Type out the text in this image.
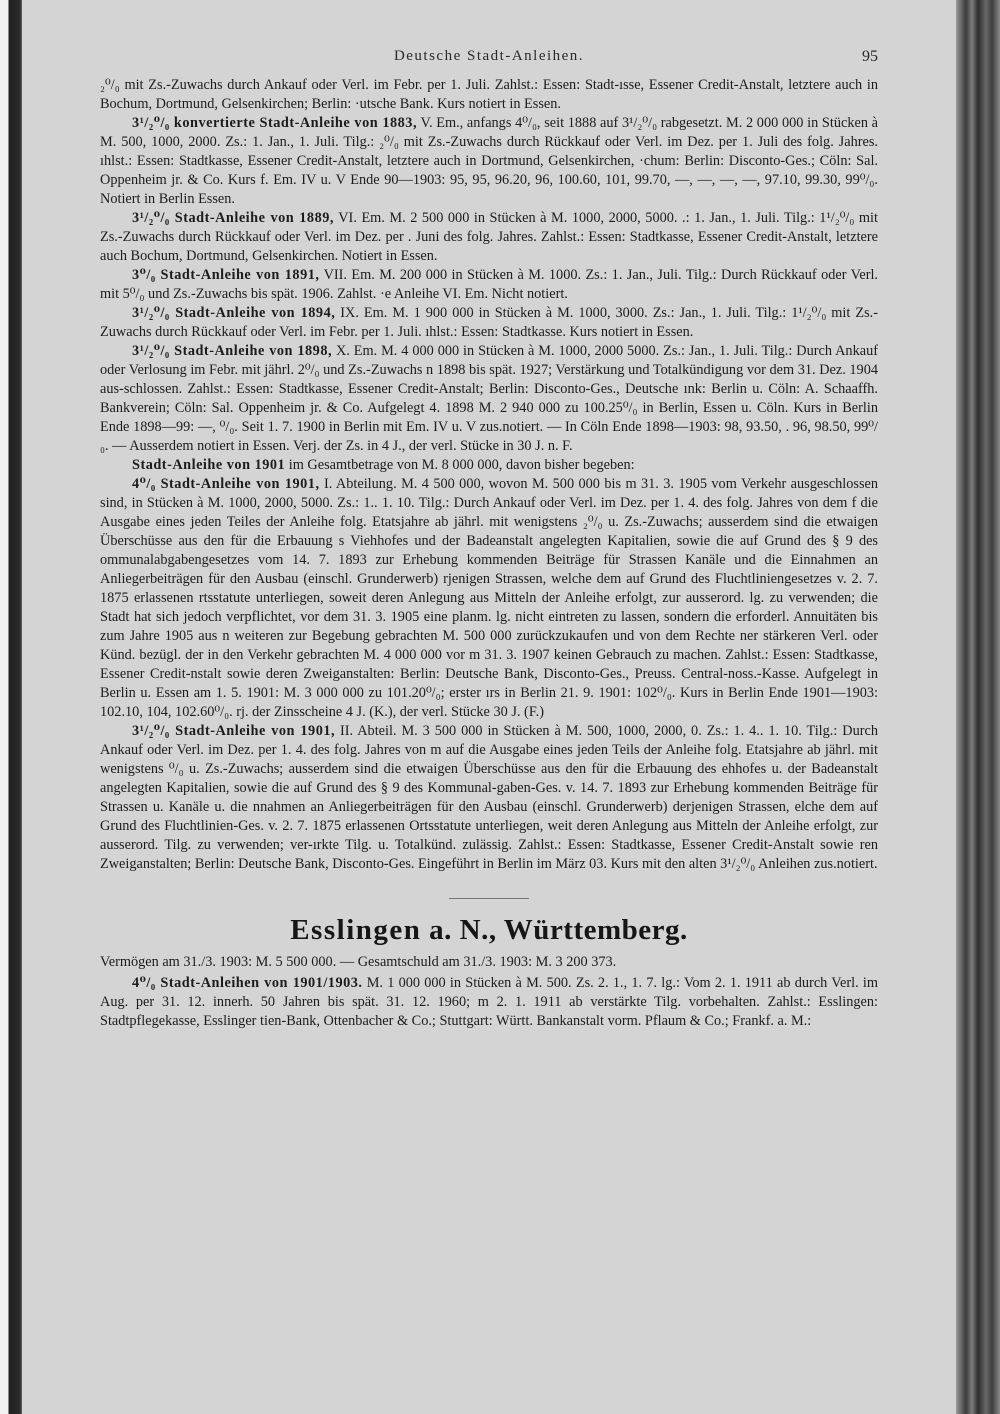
Deutsche Stadt-Anleihen.	95

₂⁰/₀ mit Zs.-Zuwachs durch Ankauf oder Verl. im Febr. per 1. Juli. Zahlst.: Essen: Stadt-ısse, Essener Credit-Anstalt, letztere auch in Bochum, Dortmund, Gelsenkirchen; Berlin: ·utsche Bank. Kurs notiert in Essen.

3¹/₂⁰/₀ konvertierte Stadt-Anleihe von 1883, V. Em., anfangs 4⁰/₀, seit 1888 auf 3¹/₂⁰/₀ rabgesetzt. M. 2 000 000 in Stücken à M. 500, 1000, 2000. Zs.: 1. Jan., 1. Juli. Tilg.: ₂⁰/₀ mit Zs.-Zuwachs durch Rückkauf oder Verl. im Dez. per 1. Juli des folg. Jahres. ıhlst.: Essen: Stadtkasse, Essener Credit-Anstalt, letztere auch in Dortmund, Gelsenkirchen, ·chum: Berlin: Disconto-Ges.; Cöln: Sal. Oppenheim jr. & Co. Kurs f. Em. IV u. V Ende 90—1903: 95, 95, 96.20, 96, 100.60, 101, 99.70, —, —, —, —, 97.10, 99.30, 99⁰/₀. Notiert in Berlin Essen.

3¹/₂⁰/₀ Stadt-Anleihe von 1889, VI. Em. M. 2 500 000 in Stücken à M. 1000, 2000, 5000. .: 1. Jan., 1. Juli. Tilg.: 1¹/₂⁰/₀ mit Zs.-Zuwachs durch Rückkauf oder Verl. im Dez. per . Juni des folg. Jahres. Zahlst.: Essen: Stadtkasse, Essener Credit-Anstalt, letztere auch Bochum, Dortmund, Gelsenkirchen. Notiert in Essen.

3⁰/₀ Stadt-Anleihe von 1891, VII. Em. M. 200 000 in Stücken à M. 1000. Zs.: 1. Jan., Juli. Tilg.: Durch Rückkauf oder Verl. mit 5⁰/₀ und Zs.-Zuwachs bis spät. 1906. Zahlst. ·e Anleihe VI. Em. Nicht notiert.

3¹/₂⁰/₀ Stadt-Anleihe von 1894, IX. Em. M. 1 900 000 in Stücken à M. 1000, 3000. Zs.: Jan., 1. Juli. Tilg.: 1¹/₂⁰/₀ mit Zs.-Zuwachs durch Rückkauf oder Verl. im Febr. per 1. Juli. ıhlst.: Essen: Stadtkasse. Kurs notiert in Essen.

3¹/₂⁰/₀ Stadt-Anleihe von 1898, X. Em. M. 4 000 000 in Stücken à M. 1000, 2000 5000. Zs.: Jan., 1. Juli. Tilg.: Durch Ankauf oder Verlosung im Febr. mit jährl. 2⁰/₀ und Zs.-Zuwachs n 1898 bis spät. 1927; Verstärkung und Totalkündigung vor dem 31. Dez. 1904 aus-schlossen. Zahlst.: Essen: Stadtkasse, Essener Credit-Anstalt; Berlin: Disconto-Ges., Deutsche ınk: Berlin u. Cöln: A. Schaaffh. Bankverein; Cöln: Sal. Oppenheim jr. & Co. Aufgelegt 4. 1898 M. 2 940 000 zu 100.25⁰/₀ in Berlin, Essen u. Cöln. Kurs in Berlin Ende 1898—99: —, ⁰/₀. Seit 1. 7. 1900 in Berlin mit Em. IV u. V zus.notiert. — In Cöln Ende 1898—1903: 98, 93.50, . 96, 98.50, 99⁰/₀. — Ausserdem notiert in Essen. Verj. der Zs. in 4 J., der verl. Stücke in 30 J. n. F.

Stadt-Anleihe von 1901 im Gesamtbetrage von M. 8 000 000, davon bisher begeben:

4⁰/₀ Stadt-Anleihe von 1901, I. Abteilung. M. 4 500 000, wovon M. 500 000 bis m 31. 3. 1905 vom Verkehr ausgeschlossen sind, in Stücken à M. 1000, 2000, 5000. Zs.: 1.. 1. 10. Tilg.: Durch Ankauf oder Verl. im Dez. per 1. 4. des folg. Jahres von dem f die Ausgabe eines jeden Teiles der Anleihe folg. Etatsjahre ab jährl. mit wenigstens ₂⁰/₀ u. Zs.-Zuwachs; ausserdem sind die etwaigen Überschüsse aus den für die Erbauung s Viehhofes und der Badeanstalt angelegten Kapitalien, sowie die auf Grund des § 9 des ommunalabgabengesetzes vom 14. 7. 1893 zur Erhebung kommenden Beiträge für Strassen Kanäle und die Einnahmen an Anliegerbeiträgen für den Ausbau (einschl. Grunderwerb) rjenigen Strassen, welche dem auf Grund des Fluchtliniengesetzes v. 2. 7. 1875 erlassenen rtsstatute unterliegen, soweit deren Anlegung aus Mitteln der Anleihe erfolgt, zur ausserord. lg. zu verwenden; die Stadt hat sich jedoch verpflichtet, vor dem 31. 3. 1905 eine planm. lg. nicht eintreten zu lassen, sondern die erforderl. Annuitäten bis zum Jahre 1905 aus n weiteren zur Begebung gebrachten M. 500 000 zurückzukaufen und von dem Rechte ner stärkeren Verl. oder Künd. bezügl. der in den Verkehr gebrachten M. 4 000 000 vor m 31. 3. 1907 keinen Gebrauch zu machen. Zahlst.: Essen: Stadtkasse, Essener Credit-nstalt sowie deren Zweiganstalten: Berlin: Deutsche Bank, Disconto-Ges., Preuss. Central-noss.-Kasse. Aufgelegt in Berlin u. Essen am 1. 5. 1901: M. 3 000 000 zu 101.20⁰/₀; erster ırs in Berlin 21. 9. 1901: 102⁰/₀. Kurs in Berlin Ende 1901—1903: 102.10, 104, 102.60⁰/₀. rj. der Zinsscheine 4 J. (K.), der verl. Stücke 30 J. (F.)

3¹/₂⁰/₀ Stadt-Anleihe von 1901, II. Abteil. M. 3 500 000 in Stücken à M. 500, 1000, 2000, 0. Zs.: 1. 4.. 1. 10. Tilg.: Durch Ankauf oder Verl. im Dez. per 1. 4. des folg. Jahres von m auf die Ausgabe eines jeden Teils der Anleihe folg. Etatsjahre ab jährl. mit wenigstens ⁰/₀ u. Zs.-Zuwachs; ausserdem sind die etwaigen Überschüsse aus den für die Erbauung des ehhofes u. der Badeanstalt angelegten Kapitalien, sowie die auf Grund des § 9 des Kommunal-gaben-Ges. v. 14. 7. 1893 zur Erhebung kommenden Beiträge für Strassen u. Kanäle u. die nnahmen an Anliegerbeiträgen für den Ausbau (einschl. Grunderwerb) derjenigen Strassen, elche dem auf Grund des Fluchtlinien-Ges. v. 2. 7. 1875 erlassenen Ortsstatute unterliegen, weit deren Anlegung aus Mitteln der Anleihe erfolgt, zur ausserord. Tilg. zu verwenden; ver-ırkte Tilg. u. Totalkünd. zulässig. Zahlst.: Essen: Stadtkasse, Essener Credit-Anstalt sowie ren Zweiganstalten; Berlin: Deutsche Bank, Disconto-Ges. Eingeführt in Berlin im März 03. Kurs mit den alten 3¹/₂⁰/₀ Anleihen zus.notiert.

Esslingen a. N., Württemberg.

Vermögen am 31./3. 1903: M. 5 500 000. — Gesamtschuld am 31./3. 1903: M. 3 200 373.

4⁰/₀ Stadt-Anleihen von 1901/1903. M. 1 000 000 in Stücken à M. 500. Zs. 2. 1., 1. 7. lg.: Vom 2. 1. 1911 ab durch Verl. im Aug. per 31. 12. innerh. 50 Jahren bis spät. 31. 12. 1960; m 2. 1. 1911 ab verstärkte Tilg. vorbehalten. Zahlst.: Esslingen: Stadtpflegekasse, Esslinger tien-Bank, Ottenbacher & Co.; Stuttgart: Württ. Bankanstalt vorm. Pflaum & Co.; Frankf. a. M.:
